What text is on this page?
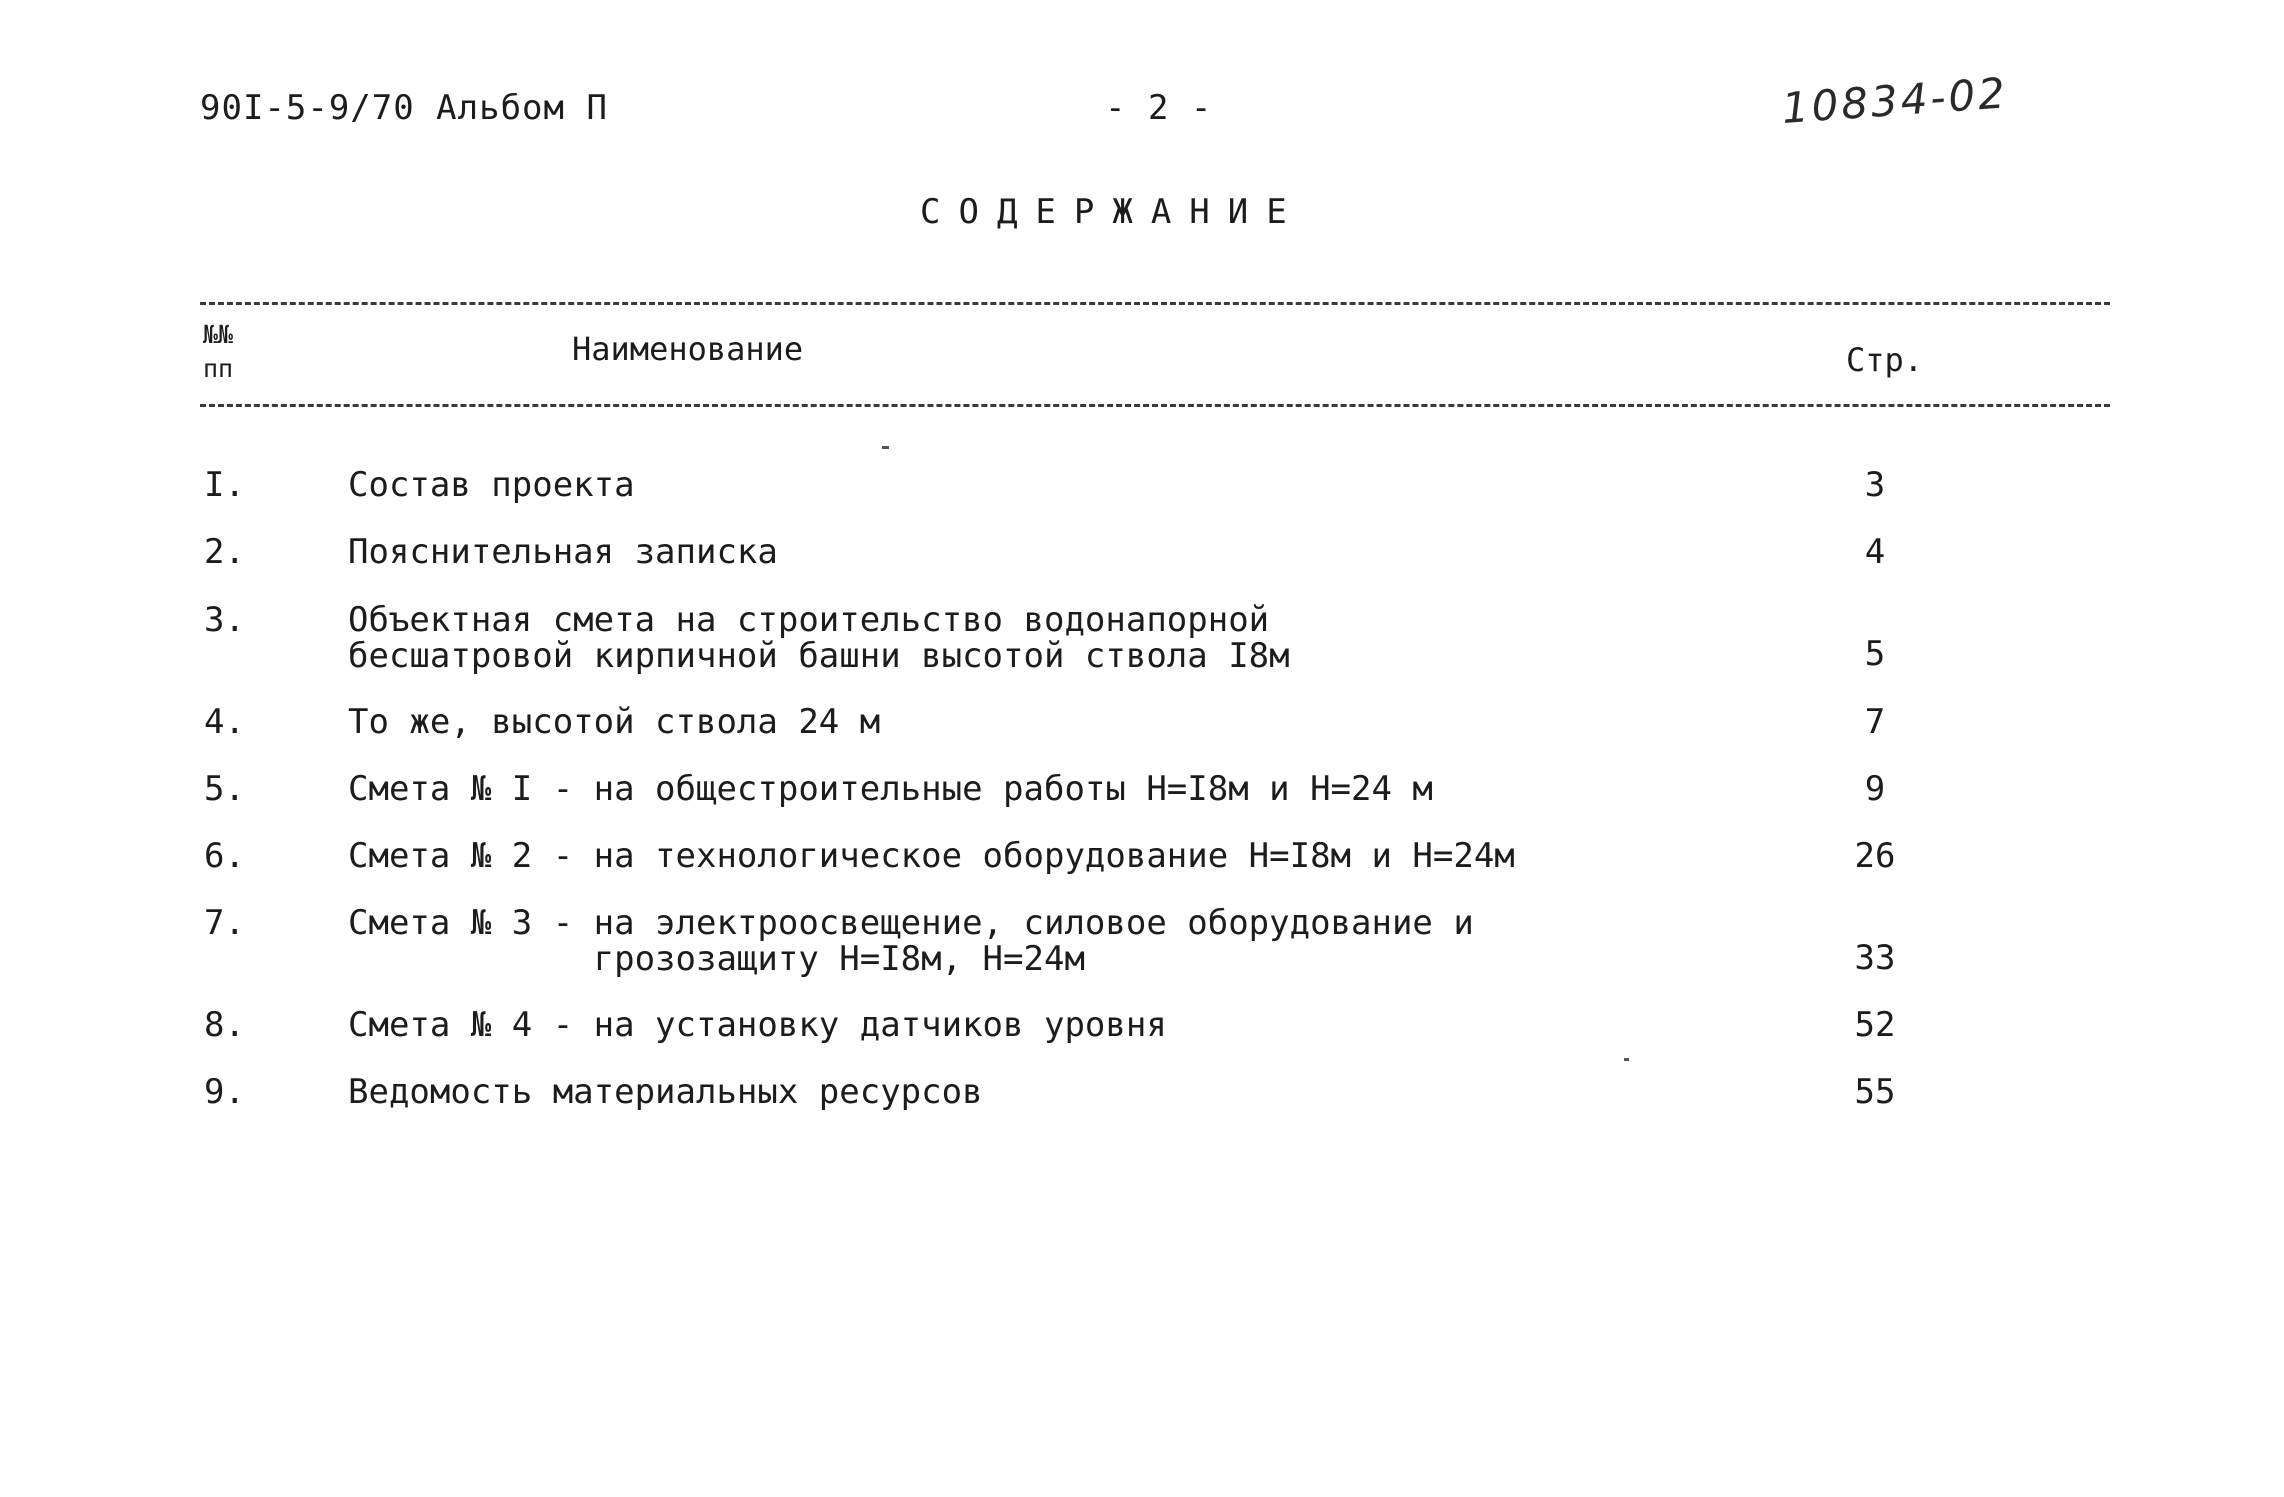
90I-5-9/70 Альбом П	- 2 -	10834-02
СОДЕРЖАНИЕ
№№
пп
Наименование	Стр.
I.	Состав проекта	3
2.	Пояснительная записка	4
3.	Объектная смета на строительство водонапорной
бесшатровой кирпичной башни высотой ствола I8м	5
4.	То же, высотой ствола 24 м	7
5.	Смета № I - на общестроительные работы Н=I8м и Н=24 м	9
6.	Смета № 2 - на технологическое оборудование Н=I8м и Н=24м	26
7.	Смета № 3 - на электроосвещение, силовое оборудование и
грозозащиту Н=I8м, Н=24м	33
8.	Смета № 4 - на установку датчиков уровня	52
9.	Ведомость материальных ресурсов	55
